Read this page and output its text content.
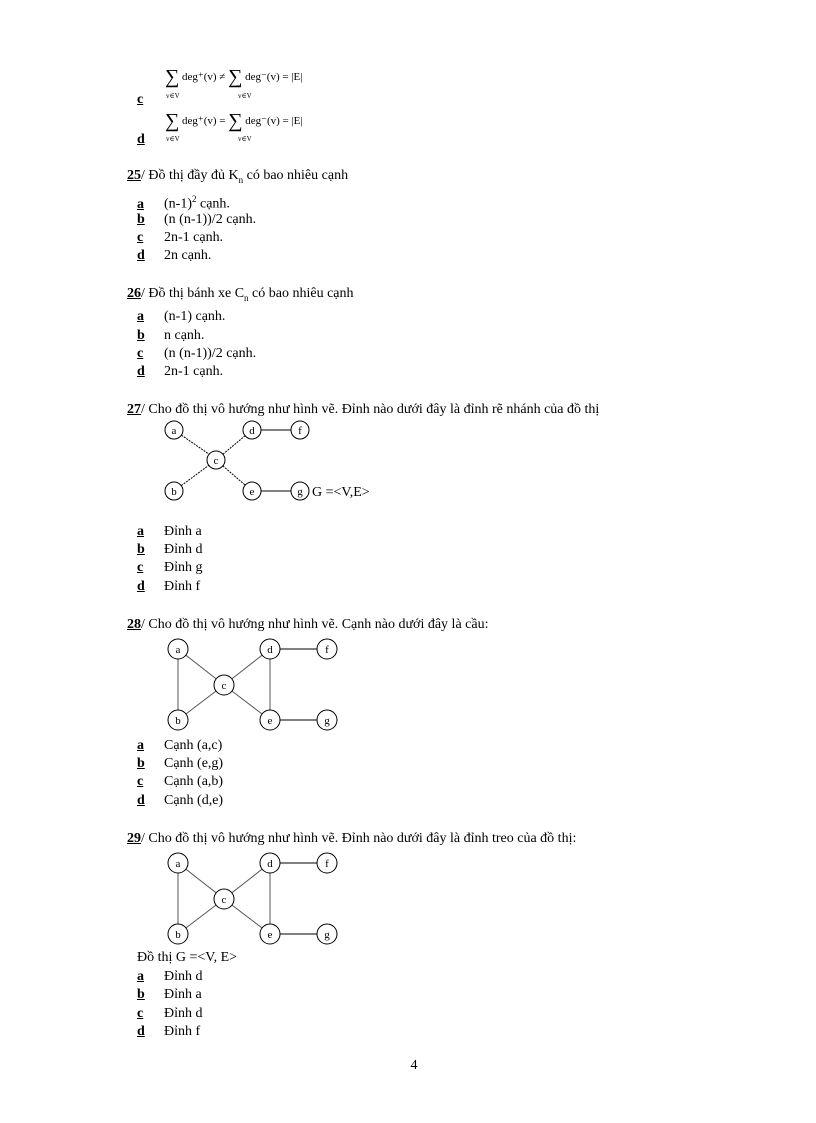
∑ deg⁺(v) ≠ ∑ deg⁻(v) = |E|
v∈V	v∈V
c
∑ deg⁺(v) = ∑ deg⁻(v) = |E|
v∈V	v∈V
d
25/ Đồ thị đầy đủ $K_n$ có bao nhiêu cạnh
a $(n-1)^2$ cạnh.
b (n (n-1))/2 cạnh.
c 2n-1 cạnh.
d 2n cạnh.
26/ Đồ thị bánh xe $C_n$ có bao nhiêu cạnh
a (n-1) cạnh.
b n cạnh.
c (n (n-1))/2 cạnh.
d 2n-1 cạnh.
27/ Cho đồ thị vô hướng như hình vẽ. Đỉnh nào dưới đây là đỉnh rẽ nhánh của đồ thị
a
b
c
d
e
f
g G =<V,E>
a Đỉnh a
b Đỉnh d
c Đỉnh g
d Đỉnh f
28/ Cho đồ thị vô hướng như hình vẽ. Cạnh nào dưới đây là cầu:
a
b
c
d
e
f
g
a Cạnh (a,c)
b Cạnh (e,g)
c Cạnh (a,b)
d Cạnh (d,e)
29/ Cho đồ thị vô hướng như hình vẽ. Đỉnh nào dưới đây là đỉnh treo của đồ thị:
a
b
c
d
e
f
g
Đồ thị G =<V, E>
a Đỉnh d
b Đỉnh a
c Đỉnh d
d Đỉnh f
4
